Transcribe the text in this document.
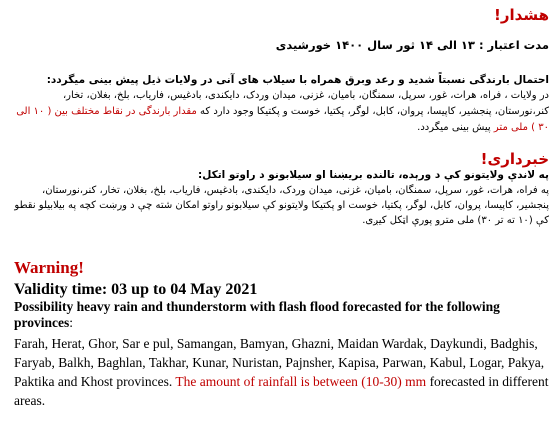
هشدار!
مدت اعتبار : ۱۳ الی ۱۴ ثور سال ۱۴۰۰ خورشیدی
احتمال بارندگی نسبتاً شدید و رعد وبرق همراه با سیلاب های آنی در ولایات ذیل پیش بینی میگردد:
در ولایات ، فراه، هرات، غور، سرپل، سمنگان، بامیان، غزنی، میدان وردک، دایکندی، بادغیس، فاریاب، بلخ، بغلان، تخار، کنر،نورستان، پنجشیر، کاپیسا، پروان، کابل، لوگر، پکتیا، خوست و پکتیکا وجود دارد که مقدار بارندگی در نقاط مختلف بین ( ۱۰ الی ۳۰ ) ملی متر پیش بینی میگردد.
خبرداری!
په لاندې ولایتونو کې د ورېده، تالنده بریښنا او سیلابونو د راوتو اتکل:
په فراه، هرات، غور، سرپل، سمنگان، بامیان، غزنی، میدان وردک، دایکندی، بادغیس، فاریاب، بلخ، بغلان، تخار، کنر،نورستان، پنجشیر، کاپیسا، پروان، کابل، لوگر، پکتیا، خوست او پکتیکا ولایتونو کې سیلابونو راوتو امکان شته چې د ورښت کچه په بیلابیلو نقطو کې (۱۰ ته تر ۳۰) ملی مترو پورې اټکل کیږی.
Warning!
Validity time: 03 up to 04 May 2021
Possibility heavy rain and thunderstorm with flash flood forecasted for the following provinces:
Farah, Herat, Ghor, Sar e pul, Samangan, Bamyan, Ghazni, Maidan Wardak, Daykundi, Badghis, Faryab, Balkh, Baghlan, Takhar, Kunar, Nuristan, Pajnsher, Kapisa, Parwan, Kabul, Logar, Pakya, Paktika and Khost provinces. The amount of rainfall is between (10-30) mm forecasted in different areas.
